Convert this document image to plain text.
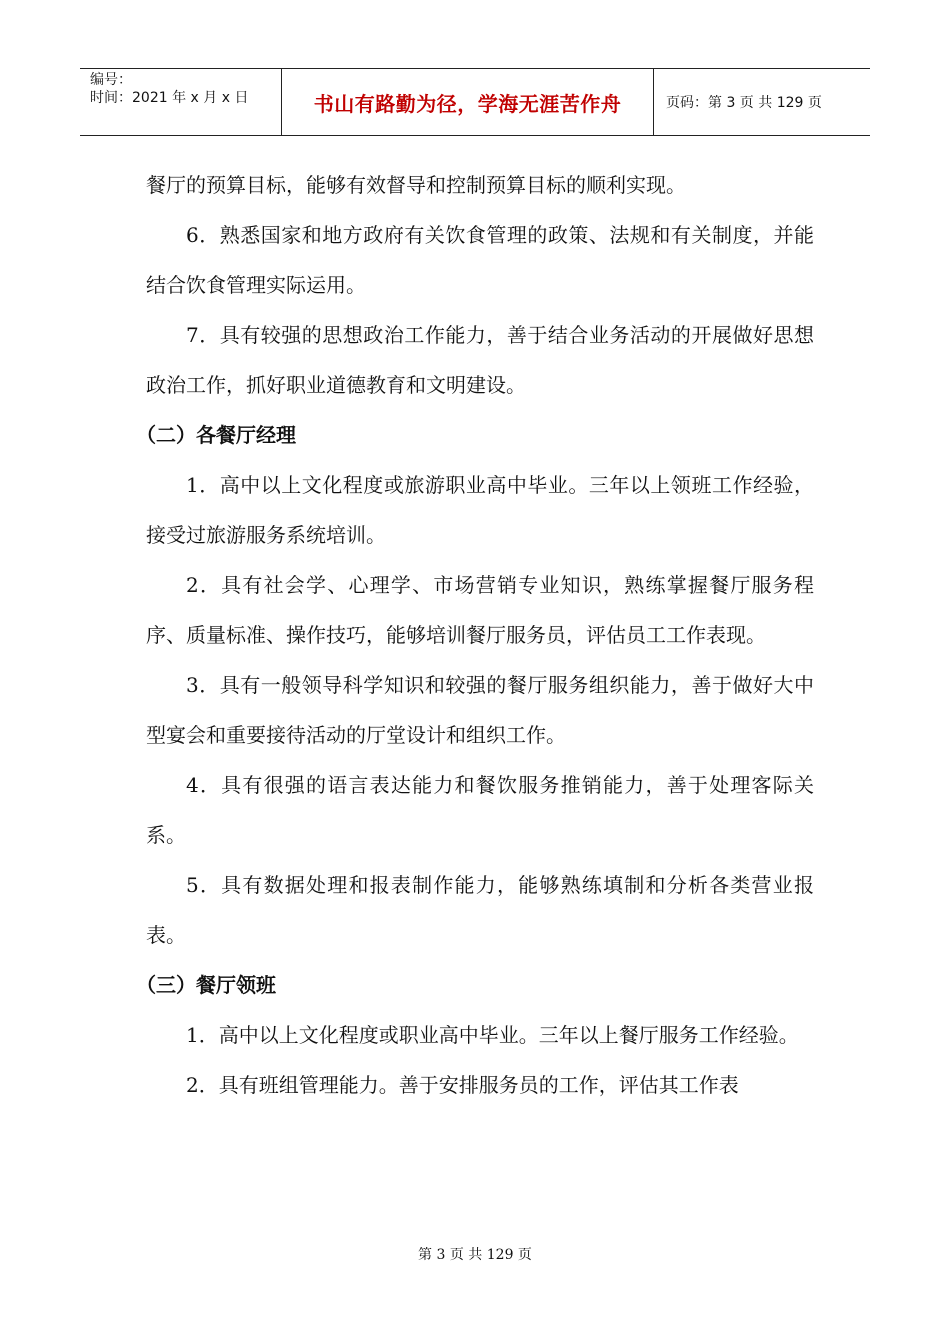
编号：
时间：2021 年 x 月 x 日	书山有路勤为径，学海无涯苦作舟	页码：第 3 页 共 129 页

餐厅的预算目标，能够有效督导和控制预算目标的顺利实现。

6．熟悉国家和地方政府有关饮食管理的政策、法规和有关制度，并能结合饮食管理实际运用。

7．具有较强的思想政治工作能力，善于结合业务活动的开展做好思想政治工作，抓好职业道德教育和文明建设。

（二）各餐厅经理

1．高中以上文化程度或旅游职业高中毕业。三年以上领班工作经验，接受过旅游服务系统培训。

2．具有社会学、心理学、市场营销专业知识，熟练掌握餐厅服务程序、质量标准、操作技巧，能够培训餐厅服务员，评估员工工作表现。

3．具有一般领导科学知识和较强的餐厅服务组织能力，善于做好大中型宴会和重要接待活动的厅堂设计和组织工作。

4．具有很强的语言表达能力和餐饮服务推销能力，善于处理客际关系。

5．具有数据处理和报表制作能力，能够熟练填制和分析各类营业报表。

（三）餐厅领班

1．高中以上文化程度或职业高中毕业。三年以上餐厅服务工作经验。

2．具有班组管理能力。善于安排服务员的工作，评估其工作表

第 3 页 共 129 页
